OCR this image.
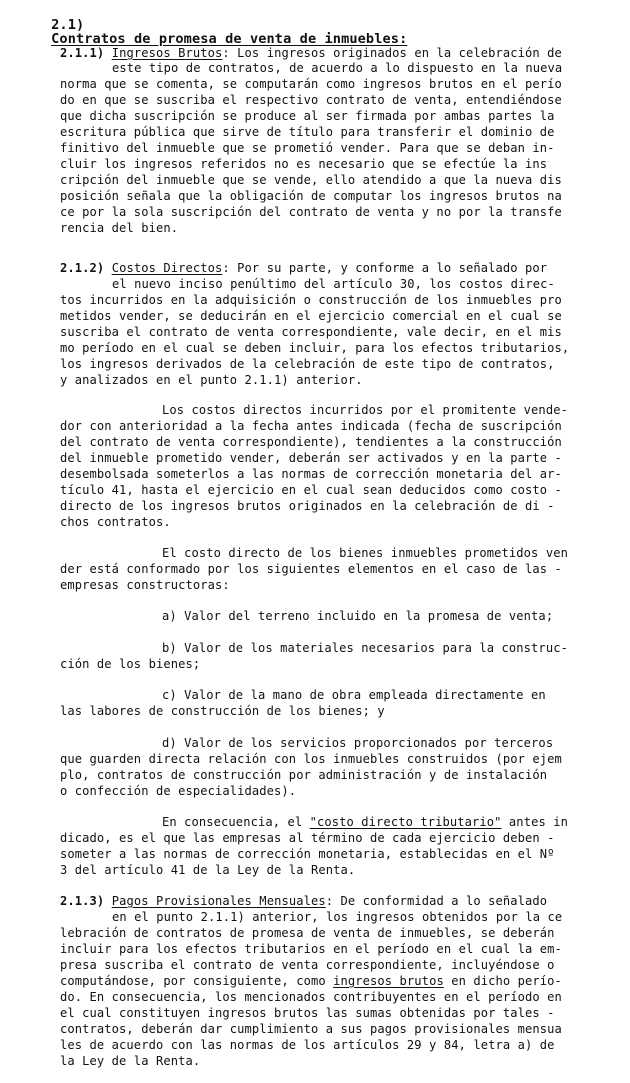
2.1)
Contratos de promesa de venta de inmuebles:

2.1.1) Ingresos Brutos: Los ingresos originados en la celebración de
este tipo de contratos, de acuerdo a lo dispuesto en la nueva
norma que se comenta, se computarán como ingresos brutos en el perío
do en que se suscriba el respectivo contrato de venta, entendiéndose
que dicha suscripción se produce al ser firmada por ambas partes la
escritura pública que sirve de título para transferir el dominio de
finitivo del inmueble que se prometió vender. Para que se deban in-
cluir los ingresos referidos no es necesario que se efectúe la ins
cripción del inmueble que se vende, ello atendido a que la nueva dis
posición señala que la obligación de computar los ingresos brutos na
ce por la sola suscripción del contrato de venta y no por la transfe
rencia del bien.
2.1.2) Costos Directos: Por su parte, y conforme a lo señalado por
el nuevo inciso penúltimo del artículo 30, los costos direc-
tos incurridos en la adquisición o construcción de los inmuebles pro
metidos vender, se deducirán en el ejercicio comercial en el cual se
suscriba el contrato de venta correspondiente, vale decir, en el mis
mo período en el cual se deben incluir, para los efectos tributarios,
los ingresos derivados de la celebración de este tipo de contratos,
y analizados en el punto 2.1.1) anterior.
Los costos directos incurridos por el promitente vende-
dor con anterioridad a la fecha antes indicada (fecha de suscripción
del contrato de venta correspondiente), tendientes a la construcción
del inmueble prometido vender, deberán ser activados y en la parte -
desembolsada someterlos a las normas de corrección monetaria del ar-
tículo 41, hasta el ejercicio en el cual sean deducidos como costo -
directo de los ingresos brutos originados en la celebración de di -
chos contratos.
El costo directo de los bienes inmuebles prometidos ven
der está conformado por los siguientes elementos en el caso de las -
empresas constructoras:
a) Valor del terreno incluido en la promesa de venta;
b) Valor de los materiales necesarios para la construc-
ción de los bienes;
c) Valor de la mano de obra empleada directamente en
las labores de construcción de los bienes; y
d) Valor de los servicios proporcionados por terceros
que guarden directa relación con los inmuebles construidos (por ejem
plo, contratos de construcción por administración y de instalación
o confección de especialidades).
En consecuencia, el "costo directo tributario" antes in
dicado, es el que las empresas al término de cada ejercicio deben -
someter a las normas de corrección monetaria, establecidas en el Nº
3 del artículo 41 de la Ley de la Renta.
2.1.3) Pagos Provisionales Mensuales: De conformidad a lo señalado
en el punto 2.1.1) anterior, los ingresos obtenidos por la ce
lebración de contratos de promesa de venta de inmuebles, se deberán
incluir para los efectos tributarios en el período en el cual la em-
presa suscriba el contrato de venta correspondiente, incluyéndose o
computándose, por consiguiente, como ingresos brutos en dicho perío-
do. En consecuencia, los mencionados contribuyentes en el período en
el cual constituyen ingresos brutos las sumas obtenidas por tales -
contratos, deberán dar cumplimiento a sus pagos provisionales mensua
les de acuerdo con las normas de los artículos 29 y 84, letra a) de
la Ley de la Renta.
